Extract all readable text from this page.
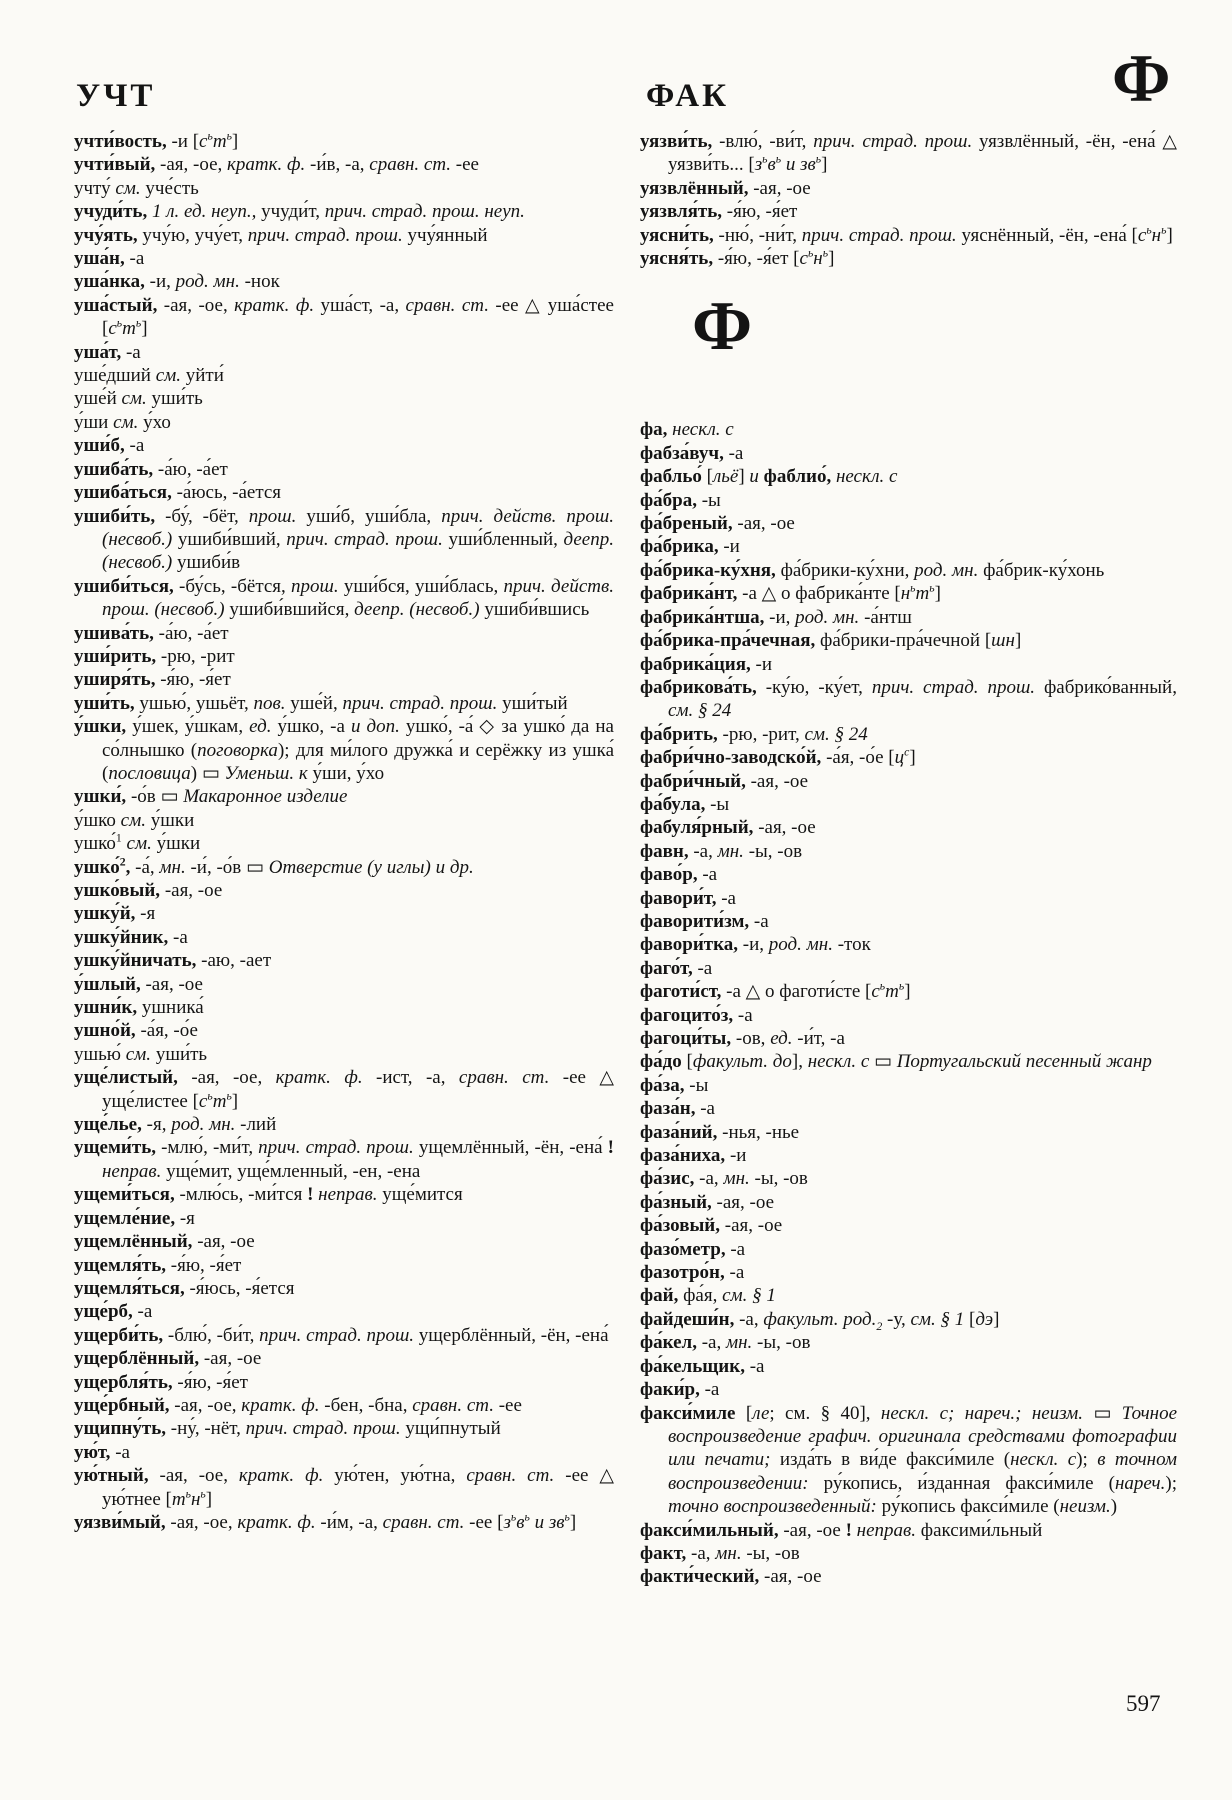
УЧТ	ФАК	Ф

учти́вость, -и $[с^ьт^ь]$

учти́вый, -ая, -ое, кратк. ф. -и́в, -а, сравн. ст. -ее

учту́ см. уче́сть

учуди́ть, 1 л. ед. неуп., учуди́т, прич. страд. прош. неуп.

учу́ять, учу́ю, учу́ет, прич. страд. прош. учу́янный

уша́н, -а

уша́нка, -и, род. мн. -нок

уша́стый, -ая, -ое, кратк. ф. уша́ст, -а, сравн. ст. -ее △ уша́стее $[с^ьт^ь]$

уша́т, -а

уше́дший см. уйти́

уше́й см. уши́ть

у́ши см. у́хо

уши́б, -а

ушиба́ть, -а́ю, -а́ет

ушиба́ться, -а́юсь, -а́ется

ушиби́ть, -бу́, -бёт, прош. уши́б, уши́бла, прич. действ. прош. (несвоб.) ушиби́вший, прич. страд. прош. уши́бленный, деепр. (несвоб.) ушиби́в

ушиби́ться, -бу́сь, -бётся, прош. уши́бся, уши́блась, прич. действ. прош. (несвоб.) ушиби́вшийся, деепр. (несвоб.) ушиби́вшись

ушива́ть, -а́ю, -а́ет

уши́рить, -рю, -рит

уширя́ть, -я́ю, -я́ет

уши́ть, ушью́, ушьёт, пов. уше́й, прич. страд. прош. уши́тый

у́шки, у́шек, у́шкам, ед. у́шко, -а и доп. ушко́, -а́ ◇ за ушко́ да на со́лнышко (поговорка); для ми́лого дружка́ и серёжку из ушка́ (пословица) ▭ Уменьш. к у́ши, у́хо

ушки́, -о́в ▭ Макаронное изделие

у́шко см. у́шки

ушко́$^1$ см. у́шки

ушко́$^2$, -а́, мн. -и́, -о́в ▭ Отверстие (у иглы) и др.

ушко́вый, -ая, -ое

ушку́й, -я

ушку́йник, -а

ушку́йничать, -аю, -ает

у́шлый, -ая, -ое

ушни́к, ушника́

ушно́й, -а́я, -о́е

ушью́ см. уши́ть

уще́листый, -ая, -ое, кратк. ф. -ист, -а, сравн. ст. -ее △ уще́листее $[с^ьт^ь]$

уще́лье, -я, род. мн. -лий

ущеми́ть, -млю́, -ми́т, прич. страд. прош. ущемлённый, -ён, -ена́ ! неправ. уще́мит, уще́мленный, -ен, -ена

ущеми́ться, -млю́сь, -ми́тся ! неправ. уще́мится

ущемле́ние, -я

ущемлённый, -ая, -ое

ущемля́ть, -я́ю, -я́ет

ущемля́ться, -я́юсь, -я́ется

уще́рб, -а

ущерби́ть, -блю́, -би́т, прич. страд. прош. ущерблённый, -ён, -ена́

ущерблённый, -ая, -ое

ущербля́ть, -я́ю, -я́ет

уще́рбный, -ая, -ое, кратк. ф. -бен, -бна, сравн. ст. -ее

ущипну́ть, -ну́, -нёт, прич. страд. прош. ущи́пнутый

ую́т, -а

ую́тный, -ая, -ое, кратк. ф. ую́тен, ую́тна, сравн. ст. -ее △ ую́тнее $[т^ьн^ь]$

уязви́мый, -ая, -ое, кратк. ф. -и́м, -а, сравн. ст. -ее [$з^ьв^ь$ и $зв^ь$]

уязви́ть, -влю́, -ви́т, прич. страд. прош. уязвлённый, -ён, -ена́ △ уязви́ть... [$з^ьв^ь$ и $зв^ь$]

уязвлённый, -ая, -ое

уязвля́ть, -я́ю, -я́ет

уясни́ть, -ню́, -ни́т, прич. страд. прош. уяснённый, -ён, -ена́ $[с^ьн^ь]$

уясня́ть, -я́ю, -я́ет $[с^ьн^ь]$

Ф

фа, нескл. с

фабза́вуч, -а

фабльо́ [льё] и фаблио́, нескл. с

фа́бра, -ы

фа́бреный, -ая, -ое

фа́брика, -и

фа́брика-ку́хня, фа́брики-ку́хни, род. мн. фа́брик-ку́хонь

фабрика́нт, -а △ о фабрика́нте $[н^ьт^ь]$

фабрика́нтша, -и, род. мн. -а́нтш

фа́брика-пра́чечная, фа́брики-пра́чечной [шн]

фабрика́ция, -и

фабрикова́ть, -ку́ю, -ку́ет, прич. страд. прош. фабрико́ванный, см. § 24

фа́брить, -рю, -рит, см. § 24

фабри́чно-заводско́й, -а́я, -о́е $[ц^с]$

фабри́чный, -ая, -ое

фа́була, -ы

фабуля́рный, -ая, -ое

фавн, -а, мн. -ы, -ов

фаво́р, -а

фавори́т, -а

фаворити́зм, -а

фавори́тка, -и, род. мн. -ток

фаго́т, -а

фаготи́ст, -а △ о фаготи́сте $[с^ьт^ь]$

фагоцито́з, -а

фагоци́ты, -ов, ед. -и́т, -а

фа́до [факульт. до], нескл. с ▭ Португальский песенный жанр

фа́за, -ы

фаза́н, -а

фаза́ний, -нья, -нье

фаза́ниха, -и

фа́зис, -а, мн. -ы, -ов

фа́зный, -ая, -ое

фа́зовый, -ая, -ое

фазо́метр, -а

фазотро́н, -а

фай, фа́я, см. § 1

файдеши́н, -а, факульт. $род._2$ -у, см. § 1 [дэ]

фа́кел, -а, мн. -ы, -ов

фа́кельщик, -а

факи́р, -а

факси́миле [ле; см. § 40], нескл. с; нареч.; неизм. ▭ Точное воспроизведение графич. оригинала средствами фотографии или печати; изда́ть в ви́де факси́миле (нескл. с); в точном воспроизведении: ру́копись, и́зданная факси́миле (нареч.); точно воспроизведенный: ру́копись факси́миле (неизм.)

факси́мильный, -ая, -ое ! неправ. факсими́льный

факт, -а, мн. -ы, -ов

факти́ческий, -ая, -ое

597
